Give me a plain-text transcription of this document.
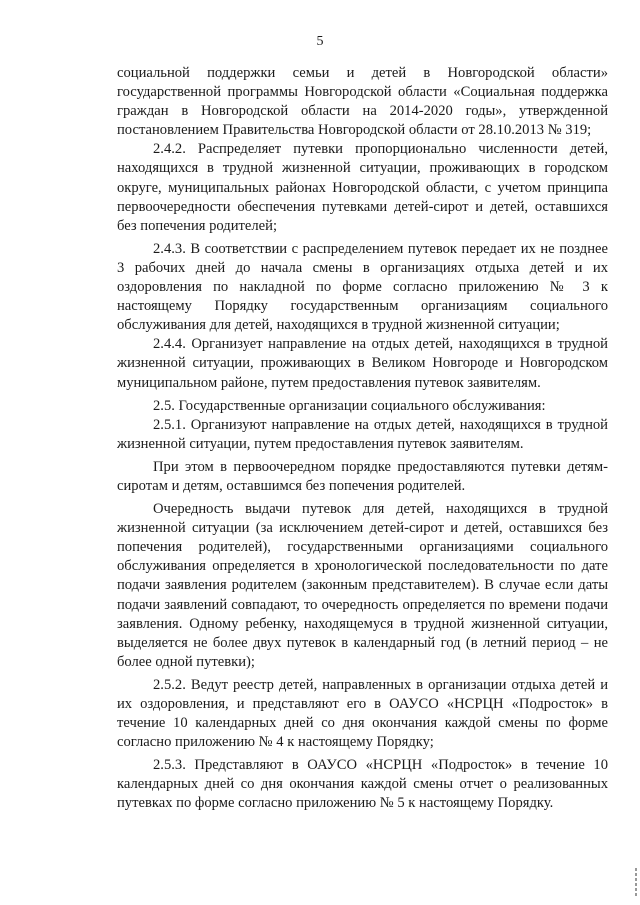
5

социальной поддержки семьи и детей в Новгородской области» государственной программы Новгородской области «Социальная поддержка граждан в Новгородской области на 2014-2020 годы», утвержденной постановлением Правительства Новгородской области от 28.10.2013 № 319;

2.4.2. Распределяет путевки пропорционально численности детей, находящихся в трудной жизненной ситуации, проживающих в городском округе, муниципальных районах Новгородской области, с учетом принципа первоочередности обеспечения путевками детей-сирот и детей, оставшихся без попечения родителей;

2.4.3. В соответствии с распределением путевок передает их не позднее 3 рабочих дней до начала смены в организациях отдыха детей и их оздоровления по накладной по форме согласно приложению № 3 к настоящему Порядку государственным организациям социального обслуживания для детей, находящихся в трудной жизненной ситуации;

2.4.4. Организует направление на отдых детей, находящихся в трудной жизненной ситуации, проживающих в Великом Новгороде и Новгородском муниципальном районе, путем предоставления путевок заявителям.

2.5. Государственные организации социального обслуживания:

2.5.1. Организуют направление на отдых детей, находящихся в трудной жизненной ситуации, путем предоставления путевок заявителям.

При этом в первоочередном порядке предоставляются путевки детям-сиротам и детям, оставшимся без попечения родителей.

Очередность выдачи путевок для детей, находящихся в трудной жизненной ситуации (за исключением детей-сирот и детей, оставшихся без попечения родителей), государственными организациями социального обслуживания определяется в хронологической последовательности по дате подачи заявления родителем (законным представителем). В случае если даты подачи заявлений совпадают, то очередность определяется по времени подачи заявления. Одному ребенку, находящемуся в трудной жизненной ситуации, выделяется не более двух путевок в календарный год (в летний период – не более одной путевки);

2.5.2. Ведут реестр детей, направленных в организации отдыха детей и их оздоровления, и представляют его в ОАУСО «НСРЦН «Подросток» в течение 10 календарных дней со дня окончания каждой смены по форме согласно приложению № 4 к настоящему Порядку;

2.5.3. Представляют в ОАУСО «НСРЦН «Подросток» в течение 10 календарных дней со дня окончания каждой смены отчет о реализованных путевках по форме согласно приложению № 5 к настоящему Порядку.
